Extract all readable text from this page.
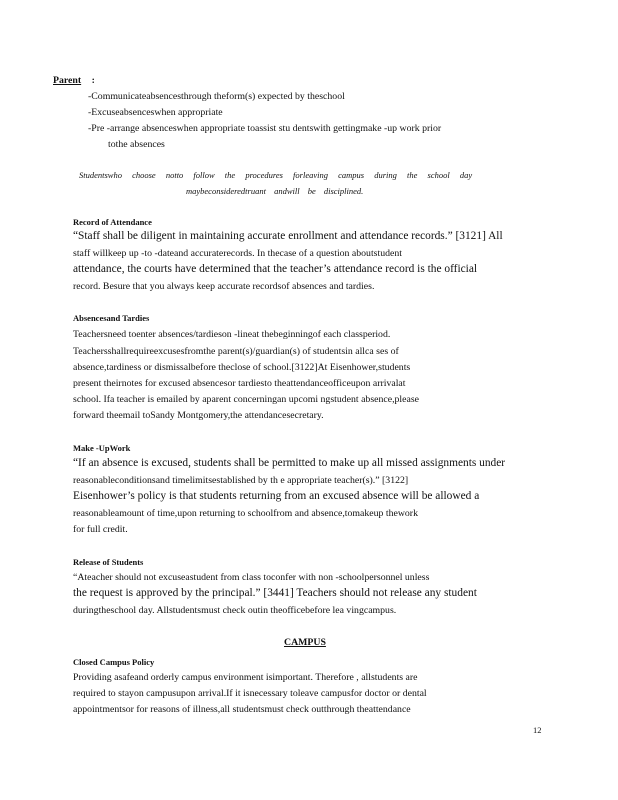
Parent :
-Communicateabsencesthrough theform(s) expected by theschool
-Excuseabsenceswhen appropriate
-Pre -arrange absenceswhen appropriate toassist stu dentswith gettingmake -up work prior
tothe absences
Studentswho choose notto follow the procedures forleaving campus during the school day
maybeconsideredtruant andwill be disciplined.
Record of Attendance
“Staff shall be diligent in maintaining accurate enrollment and attendance records.” [3121] All
staff willkeep up -to -dateand accuraterecords. In thecase of a question aboutstudent
attendance, the courts have determined that the teacher’s attendance record is the official
record. Besure that you always keep accurate recordsof absences and tardies.
Absencesand Tardies
Teachersneed toenter absences/tardieson -lineat thebeginningof each classperiod.
Teachersshallrequireexcusesfromthe parent(s)/guardian(s) of studentsin allca ses of
absence,tardiness or dismissalbefore theclose of school.[3122]At Eisenhower,students
present theirnotes for excused absencesor tardiesto theattendanceofficeupon arrivalat
school. Ifa teacher is emailed by aparent concerningan upcomi ngstudent absence,please
forward theemail toSandy Montgomery,the attendancesecretary.
Make -UpWork
“If an absence is excused, students shall be permitted to make up all missed assignments under
reasonableconditionsand timelimitsestablished by th e appropriate teacher(s).” [3122]
Eisenhower’s policy is that students returning from an excused absence will be allowed a
reasonableamount of time,upon returning to schoolfrom and absence,tomakeup thework
for full credit.
Release of Students
“Ateacher should not excuseastudent from class toconfer with non -schoolpersonnel unless
the request is approved by the principal.” [3441] Teachers should not release any student
duringtheschool day. Allstudentsmust check outin theofficebefore lea vingcampus.
CAMPUS
Closed Campus Policy
Providing asafeand orderly campus environment isimportant. Therefore , allstudents are
required to stayon campusupon arrival.If it isnecessary toleave campusfor doctor or dental
appointmentsor for reasons of illness,all studentsmust check outthrough theattendance
12
